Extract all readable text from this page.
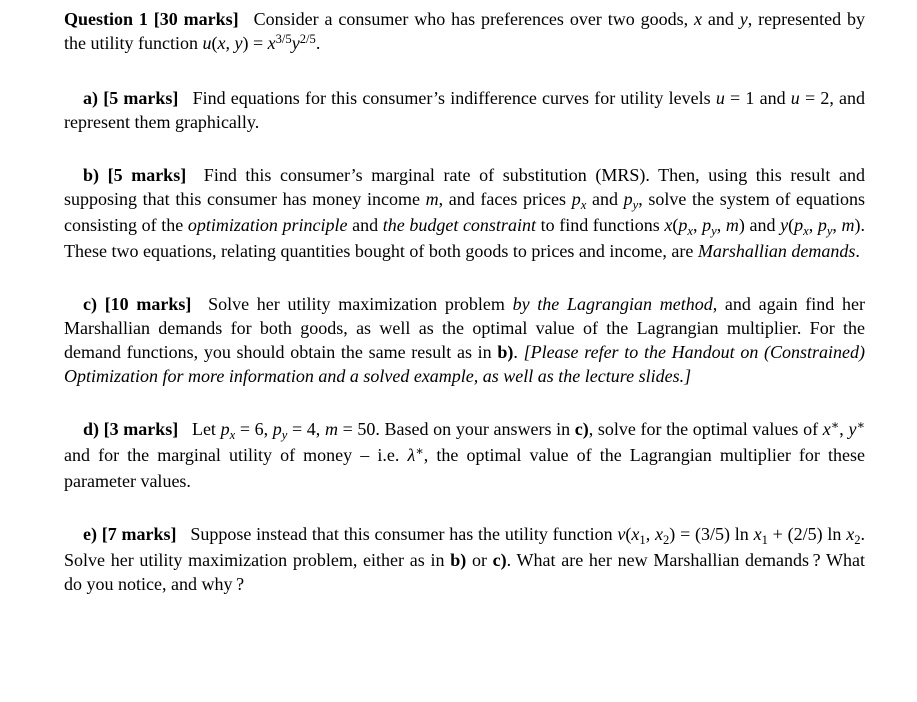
Question 1 [30 marks]  Consider a consumer who has preferences over two goods, x and y, represented by the utility function u(x, $y) = x^{3/5}y^{2/5}$.

a) [5 marks]  Find equations for this consumer’s indifference curves for utility levels u = 1 and u = 2, and represent them graphically.

b) [5 marks]  Find this consumer’s marginal rate of substitution (MRS). Then, using this result and supposing that this consumer has money income m, and faces prices px and py, solve the system of equations consisting of the optimization principle and the budget constraint to find functions x(px, py, m) and y(px, py, m). These two equations, relating quantities bought of both goods to prices and income, are Marshallian demands.

c) [10 marks]  Solve her utility maximization problem by the Lagrangian method, and again find her Marshallian demands for both goods, as well as the optimal value of the Lagrangian multiplier. For the demand functions, you should obtain the same result as in b). [Please refer to the Handout on (Constrained) Optimization for more information and a solved example, as well as the lecture slides.]

d) [3 marks]  Let px = 6, py = 4, m = 50. Based on your answers in c), solve for the optimal values of x∗, y∗ and for the marginal utility of money – i.e. λ∗, the optimal value of the Lagrangian multiplier for these parameter values.

e) [7 marks]  Suppose instead that this consumer has the utility function v(x1, x2) = (3/5) ln x1 + (2/5) ln x2. Solve her utility maximization problem, either as in b) or c). What are her new Marshallian demands ? What do you notice, and why ?
